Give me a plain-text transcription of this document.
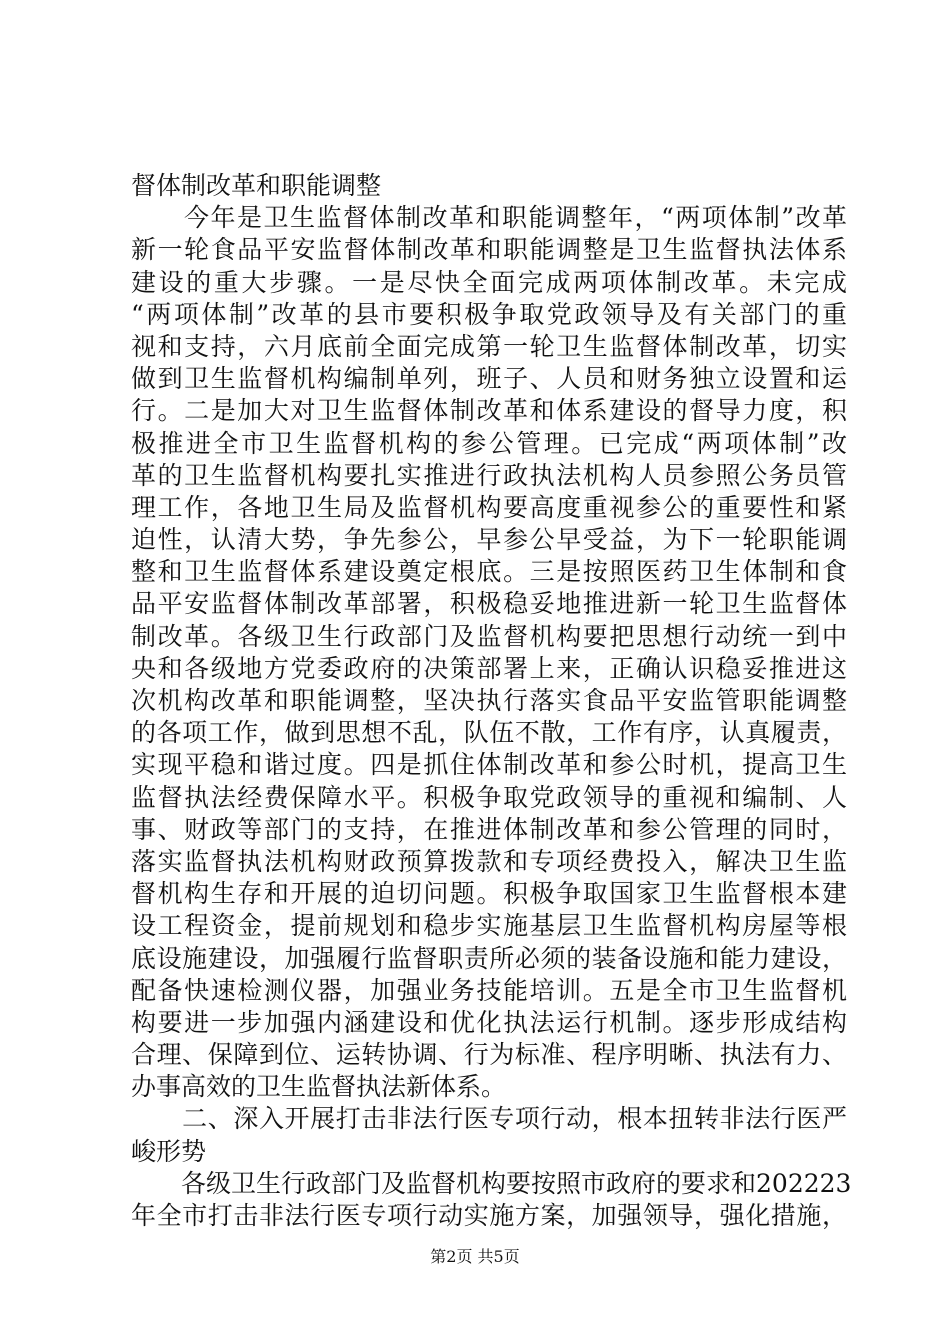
督体制改革和职能调整
　　今年是卫生监督体制改革和职能调整年，“两项体制”改革
新一轮食品平安监督体制改革和职能调整是卫生监督执法体系
建设的重大步骤。一是尽快全面完成两项体制改革。未完成
“两项体制”改革的县市要积极争取党政领导及有关部门的重
视和支持，六月底前全面完成第一轮卫生监督体制改革，切实
做到卫生监督机构编制单列，班子、人员和财务独立设置和运
行。二是加大对卫生监督体制改革和体系建设的督导力度，积
极推进全市卫生监督机构的参公管理。已完成“两项体制”改
革的卫生监督机构要扎实推进行政执法机构人员参照公务员管
理工作，各地卫生局及监督机构要高度重视参公的重要性和紧
迫性，认清大势，争先参公，早参公早受益，为下一轮职能调
整和卫生监督体系建设奠定根底。三是按照医药卫生体制和食
品平安监督体制改革部署，积极稳妥地推进新一轮卫生监督体
制改革。各级卫生行政部门及监督机构要把思想行动统一到中
央和各级地方党委政府的决策部署上来，正确认识稳妥推进这
次机构改革和职能调整，坚决执行落实食品平安监管职能调整
的各项工作，做到思想不乱，队伍不散，工作有序，认真履责，
实现平稳和谐过度。四是抓住体制改革和参公时机，提高卫生
监督执法经费保障水平。积极争取党政领导的重视和编制、人
事、财政等部门的支持，在推进体制改革和参公管理的同时，
落实监督执法机构财政预算拨款和专项经费投入，解决卫生监
督机构生存和开展的迫切问题。积极争取国家卫生监督根本建
设工程资金，提前规划和稳步实施基层卫生监督机构房屋等根
底设施建设，加强履行监督职责所必须的装备设施和能力建设，
配备快速检测仪器，加强业务技能培训。五是全市卫生监督机
构要进一步加强内涵建设和优化执法运行机制。逐步形成结构
合理、保障到位、运转协调、行为标准、程序明晰、执法有力、
办事高效的卫生监督执法新体系。
　　二、深入开展打击非法行医专项行动，根本扭转非法行医严
峻形势
　　各级卫生行政部门及监督机构要按照市政府的要求和202223
年全市打击非法行医专项行动实施方案，加强领导，强化措施，
第2页 共5页
